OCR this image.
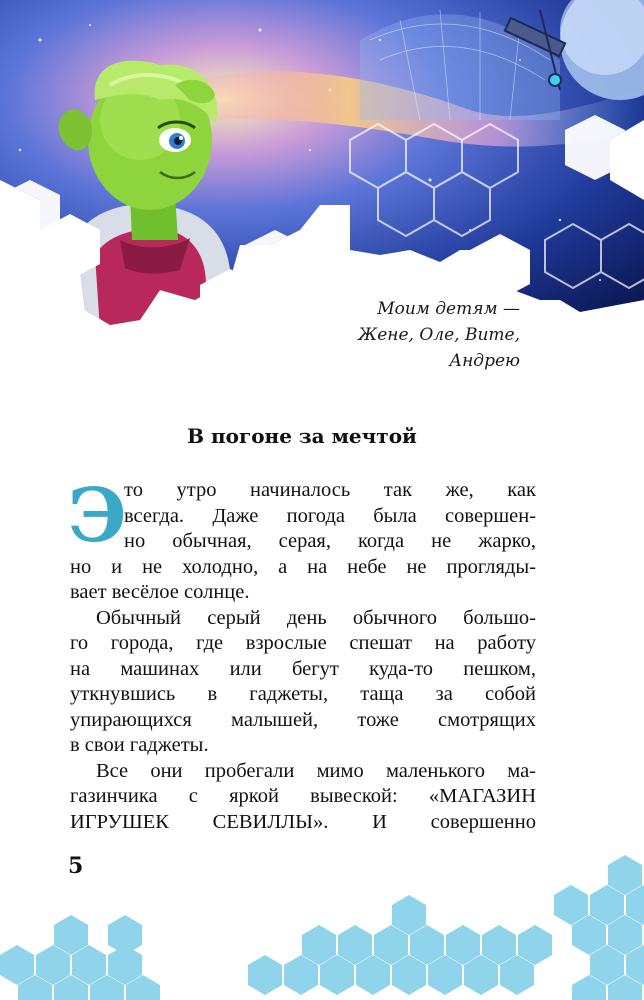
Моим детям —
Жене, Оле, Вите,
Андрею
В погоне за мечтой
Э
то утро начиналось так же, как
всегда. Даже погода была совершен-
но обычная, серая, когда не жарко,
но и не холодно, а на небе не прогляды-
вает весёлое солнце.
Обычный серый день обычного большо-
го города, где взрослые спешат на работу
на машинах или бегут куда-то пешком,
уткнувшись в гаджеты, таща за собой
упирающихся малышей, тоже смотрящих
в свои гаджеты.
Все они пробегали мимо маленького ма-
газинчика с яркой вывеской: «МАГАЗИН
ИГРУШЕК СЕВИЛЛЫ». И совершенно
5
